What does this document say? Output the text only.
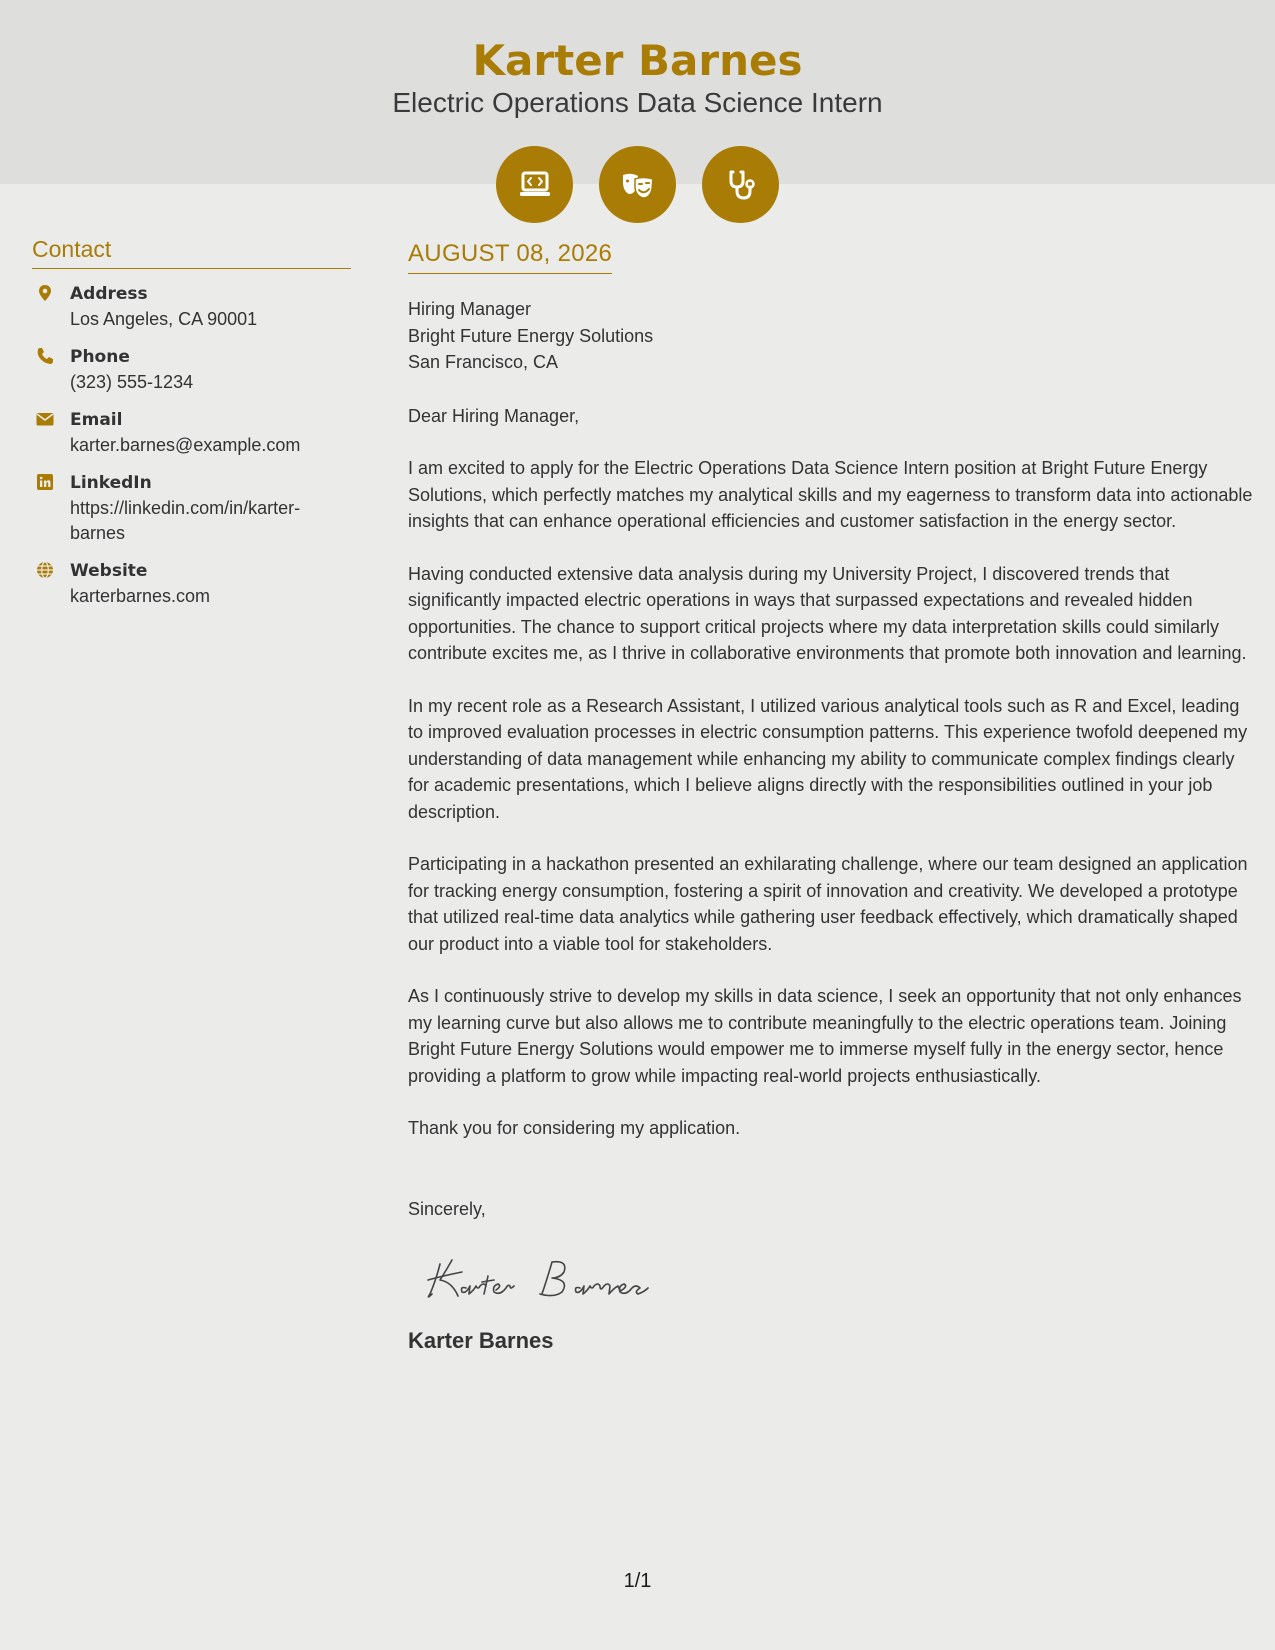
Karter Barnes
Electric Operations Data Science Intern
Contact
Address
Los Angeles, CA 90001
Phone
(323) 555-1234
Email
karter.barnes@example.com
LinkedIn
https://linkedin.com/in/karter-barnes
Website
karterbarnes.com
AUGUST 08, 2026
Hiring Manager
Bright Future Energy Solutions
San Francisco, CA
Dear Hiring Manager,
I am excited to apply for the Electric Operations Data Science Intern position at Bright Future Energy Solutions, which perfectly matches my analytical skills and my eagerness to transform data into actionable insights that can enhance operational efficiencies and customer satisfaction in the energy sector.
Having conducted extensive data analysis during my University Project, I discovered trends that significantly impacted electric operations in ways that surpassed expectations and revealed hidden opportunities. The chance to support critical projects where my data interpretation skills could similarly contribute excites me, as I thrive in collaborative environments that promote both innovation and learning.
In my recent role as a Research Assistant, I utilized various analytical tools such as R and Excel, leading to improved evaluation processes in electric consumption patterns. This experience twofold deepened my understanding of data management while enhancing my ability to communicate complex findings clearly for academic presentations, which I believe aligns directly with the responsibilities outlined in your job description.
Participating in a hackathon presented an exhilarating challenge, where our team designed an application for tracking energy consumption, fostering a spirit of innovation and creativity. We developed a prototype that utilized real-time data analytics while gathering user feedback effectively, which dramatically shaped our product into a viable tool for stakeholders.
As I continuously strive to develop my skills in data science, I seek an opportunity that not only enhances my learning curve but also allows me to contribute meaningfully to the electric operations team. Joining Bright Future Energy Solutions would empower me to immerse myself fully in the energy sector, hence providing a platform to grow while impacting real-world projects enthusiastically.
Thank you for considering my application.
Sincerely,
Karter Barnes
1/1
